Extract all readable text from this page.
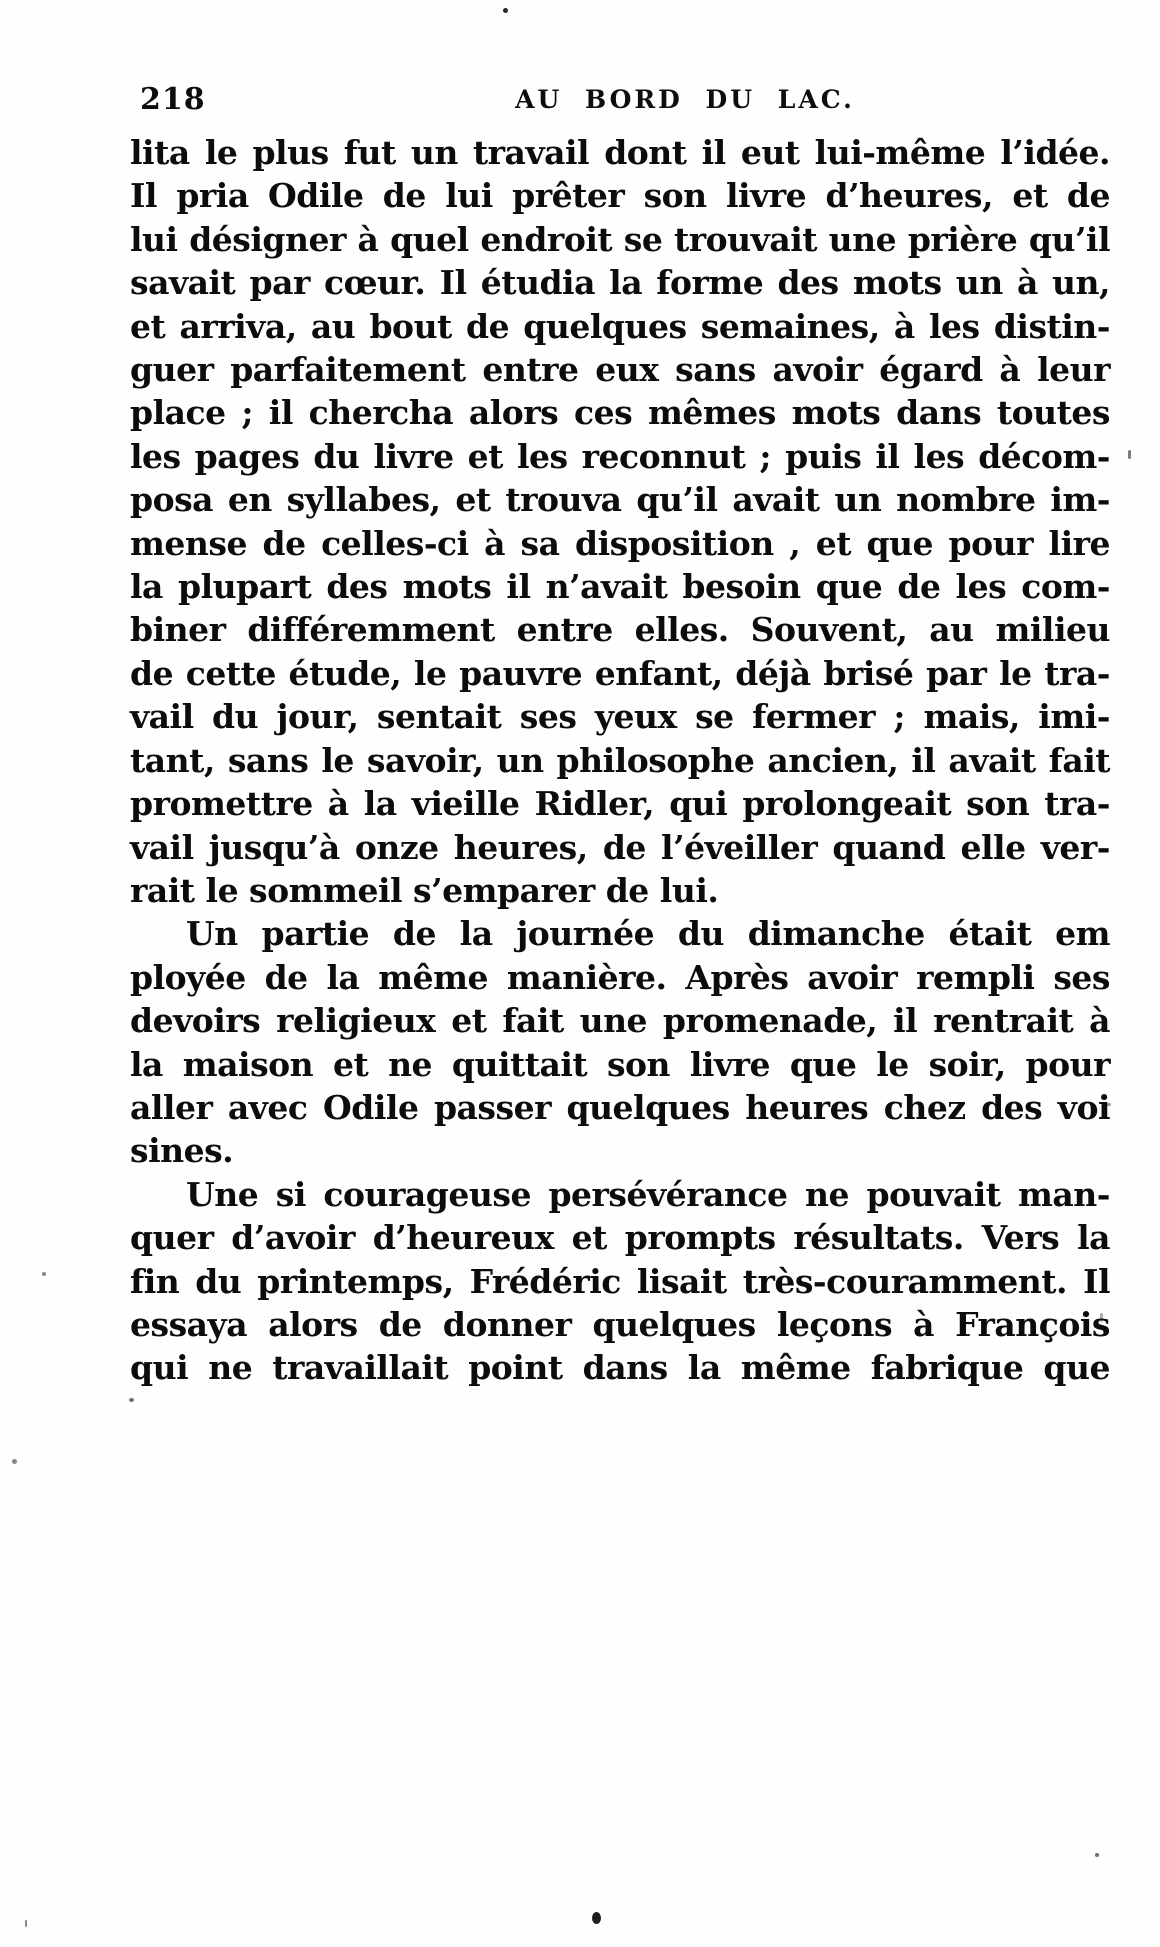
218	AU BORD DU LAC.
lita le plus fut un travail dont il eut lui-même l’idée.
Il pria Odile de lui prêter son livre d’heures, et de
lui désigner à quel endroit se trouvait une prière qu’il
savait par cœur. Il étudia la forme des mots un à un,
et arriva, au bout de quelques semaines, à les distin-
guer parfaitement entre eux sans avoir égard à leur
place ; il chercha alors ces mêmes mots dans toutes
les pages du livre et les reconnut ; puis il les décom-
posa en syllabes, et trouva qu’il avait un nombre im-
mense de celles-ci à sa disposition , et que pour lire
la plupart des mots il n’avait besoin que de les com-
biner différemment entre elles. Souvent, au milieu
de cette étude, le pauvre enfant, déjà brisé par le tra-
vail du jour, sentait ses yeux se fermer ; mais, imi-
tant, sans le savoir, un philosophe ancien, il avait fait
promettre à la vieille Ridler, qui prolongeait son tra-
vail jusqu’à onze heures, de l’éveiller quand elle ver-
rait le sommeil s’emparer de lui.
Un partie de la journée du dimanche était em
ployée de la même manière. Après avoir rempli ses
devoirs religieux et fait une promenade, il rentrait à
la maison et ne quittait son livre que le soir, pour
aller avec Odile passer quelques heures chez des voi
sines.
Une si courageuse persévérance ne pouvait man-
quer d’avoir d’heureux et prompts résultats. Vers la
fin du printemps, Frédéric lisait très-couramment. Il
essaya alors de donner quelques leçons à François
qui ne travaillait point dans la même fabrique que
